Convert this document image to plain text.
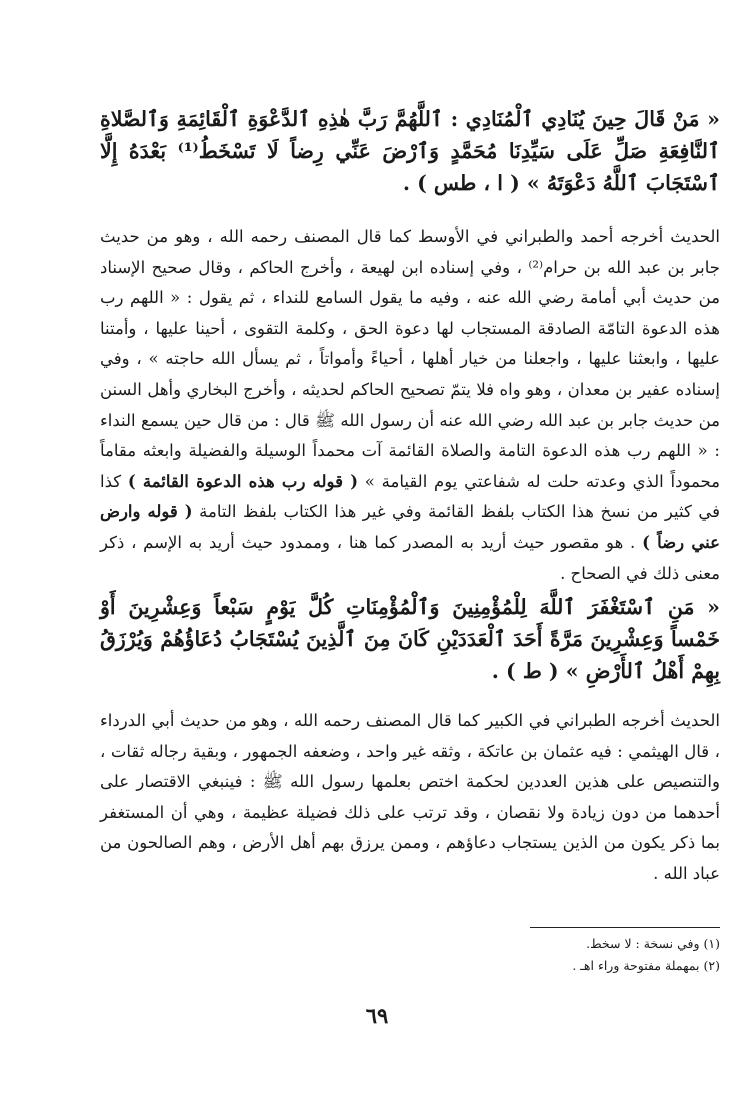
« مَنْ قَالَ حِينَ يُنَادِي ٱلْمُنَادِي : ٱللَّهُمَّ رَبَّ هٰذِهِ ٱلدَّعْوَةِ ٱلْقَائِمَةِ وَٱلصَّلاةِ ٱلنَّافِعَةِ صَلِّ عَلَى سَيِّدِنَا مُحَمَّدٍ وَٱرْضَ عَنِّي رِضاً لَا تَسْخَطُ⁽¹⁾ بَعْدَهُ إِلَّا ٱسْتَجَابَ ٱللَّهُ دَعْوَتَهُ » ( ا ، طس ) .
الحديث أخرجه أحمد والطبراني في الأوسط كما قال المصنف رحمه الله ، وهو من حديث جابر بن عبد الله بن حرام⁽²⁾ ، وفي إسناده ابن لهيعة ، وأخرج الحاكم ، وقال صحيح الإسناد من حديث أبي أمامة رضي الله عنه ، وفيه ما يقول السامع للنداء ، ثم يقول : « اللهم رب هذه الدعوة التامّة الصادقة المستجاب لها دعوة الحق ، وكلمة التقوى ، أحينا عليها ، وأمتنا عليها ، وابعثنا عليها ، واجعلنا من خيار أهلها ، أحياءً وأمواتاً ، ثم يسأل الله حاجته » ، وفي إسناده عفير بن معدان ، وهو واه فلا يتمّ تصحيح الحاكم لحديثه ، وأخرج البخاري وأهل السنن من حديث جابر بن عبد الله رضي الله عنه أن رسول الله ﷺ قال : من قال حين يسمع النداء : « اللهم رب هذه الدعوة التامة والصلاة القائمة آت محمداً الوسيلة والفضيلة وابعثه مقاماً محموداً الذي وعدته حلت له شفاعتي يوم القيامة » ( قوله رب هذه الدعوة القائمة ) كذا في كثير من نسخ هذا الكتاب بلفظ القائمة وفي غير هذا الكتاب بلفظ التامة ( قوله وارض عني رضاً ) . هو مقصور حيث أريد به المصدر كما هنا ، وممدود حيث أريد به الإسم ، ذكر معنى ذلك في الصحاح .
« مَنِ ٱسْتَغْفَرَ ٱللَّهَ لِلْمُؤْمِنِينَ وَٱلْمُؤْمِنَاتِ كُلَّ يَوْمٍ سَبْعاً وَعِشْرِينَ أَوْ خَمْساً وَعِشْرِينَ مَرَّةً أَحَدَ ٱلْعَدَدَيْنِ كَانَ مِنَ ٱلَّذِينَ يُسْتَجَابُ دُعَاؤُهُمْ وَيُرْزَقُ بِهِمْ أَهْلُ ٱلأَرْضِ » ( ط ) .
الحديث أخرجه الطبراني في الكبير كما قال المصنف رحمه الله ، وهو من حديث أبي الدرداء ، قال الهيثمي : فيه عثمان بن عاتكة ، وثقه غير واحد ، وضعفه الجمهور ، وبقية رجاله ثقات ، والتنصيص على هذين العددين لحكمة اختص بعلمها رسول الله ﷺ : فينبغي الاقتصار على أحدهما من دون زيادة ولا نقصان ، وقد ترتب على ذلك فضيلة عظيمة ، وهي أن المستغفر بما ذكر يكون من الذين يستجاب دعاؤهم ، وممن يرزق بهم أهل الأرض ، وهم الصالحون من عباد الله .
(١) وفي نسخة : لا سخط.
(٢) بمهملة مفتوحة وراء اهـ .
٦٩
